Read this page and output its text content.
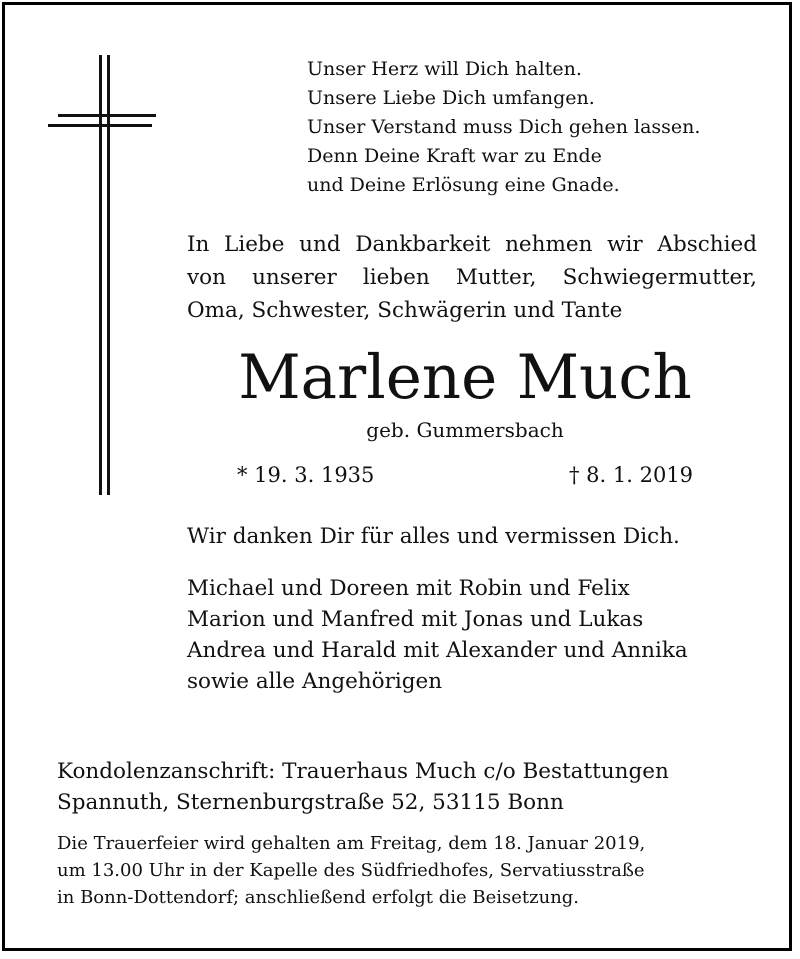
Unser Herz will Dich halten.
Unsere Liebe Dich umfangen.
Unser Verstand muss Dich gehen lassen.
Denn Deine Kraft war zu Ende
und Deine Erlösung eine Gnade.
In Liebe und Dankbarkeit nehmen wir Abschied
von unserer lieben Mutter, Schwiegermutter,
Oma, Schwester, Schwägerin und Tante
Marlene Much
geb. Gummersbach
* 19. 3. 1935	† 8. 1. 2019
Wir danken Dir für alles und vermissen Dich.
Michael und Doreen mit Robin und Felix
Marion und Manfred mit Jonas und Lukas
Andrea und Harald mit Alexander und Annika
sowie alle Angehörigen
Kondolenzanschrift: Trauerhaus Much c/o Bestattungen
Spannuth, Sternenburgstraße 52, 53115 Bonn
Die Trauerfeier wird gehalten am Freitag, dem 18. Januar 2019,
um 13.00 Uhr in der Kapelle des Südfriedhofes, Servatiusstraße
in Bonn-Dottendorf; anschließend erfolgt die Beisetzung.
